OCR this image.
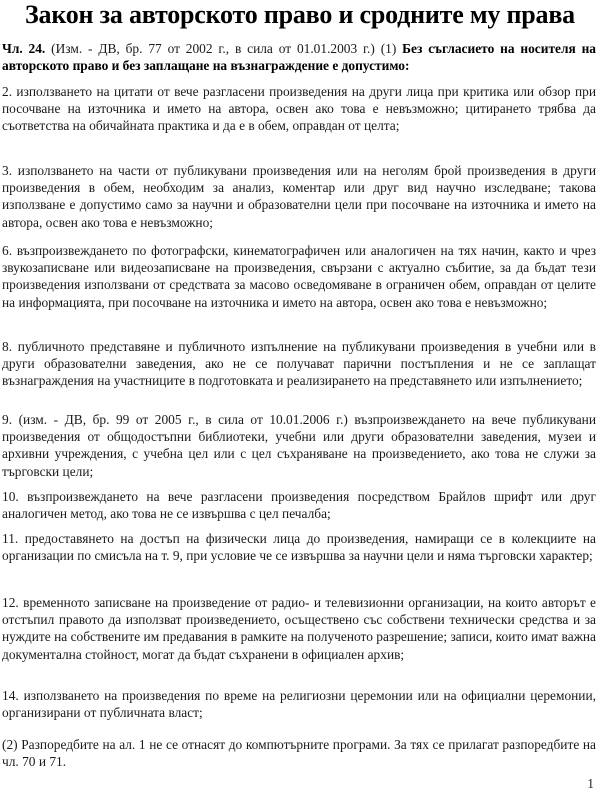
Закон за авторското право и сродните му права
Чл. 24. (Изм. - ДВ, бр. 77 от 2002 г., в сила от 01.01.2003 г.) (1) Без съгласието на носителя на авторското право и без заплащане на възнаграждение е допустимо:
2. използването на цитати от вече разгласени произведения на други лица при критика или обзор при посочване на източника и името на автора, освен ако това е невъзможно; цитирането трябва да съответства на обичайната практика и да е в обем, оправдан от целта;
3. използването на части от публикувани произведения или на неголям брой произведения в други произведения в обем, необходим за анализ, коментар или друг вид научно изследване; такова използване е допустимо само за научни и образователни цели при посочване на източника и името на автора, освен ако това е невъзможно;
6. възпроизвеждането по фотографски, кинематографичен или аналогичен на тях начин, както и чрез звукозаписване или видеозаписване на произведения, свързани с актуално събитие, за да бъдат тези произведения използвани от средствата за масово осведомяване в ограничен обем, оправдан от целите на информацията, при посочване на източника и името на автора, освен ако това е невъзможно;
8. публичното представяне и публичното изпълнение на публикувани произведения в учебни или в други образователни заведения, ако не се получават парични постъпления и не се заплащат възнаграждения на участниците в подготовката и реализирането на представянето или изпълнението;
9. (изм. - ДВ, бр. 99 от 2005 г., в сила от 10.01.2006 г.) възпроизвеждането на вече публикувани произведения от общодостъпни библиотеки, учебни или други образователни заведения, музеи и архивни учреждения, с учебна цел или с цел съхраняване на произведението, ако това не служи за търговски цели;
10. възпроизвеждането на вече разгласени произведения посредством Брайлов шрифт или друг аналогичен метод, ако това не се извършва с цел печалба;
11. предоставянето на достъп на физически лица до произведения, намиращи се в колекциите на организации по смисъла на т. 9, при условие че се извършва за научни цели и няма търговски характер;
12. временното записване на произведение от радио- и телевизионни организации, на които авторът е отстъпил правото да използват произведението, осъществено със собствени технически средства и за нуждите на собствените им предавания в рамките на полученото разрешение; записи, които имат важна документална стойност, могат да бъдат съхранени в официален архив;
14. използването на произведения по време на религиозни церемонии или на официални церемонии, организирани от публичната власт;
(2) Разпоредбите на ал. 1 не се отнасят до компютърните програми. За тях се прилагат разпоредбите на чл. 70 и 71.
1
